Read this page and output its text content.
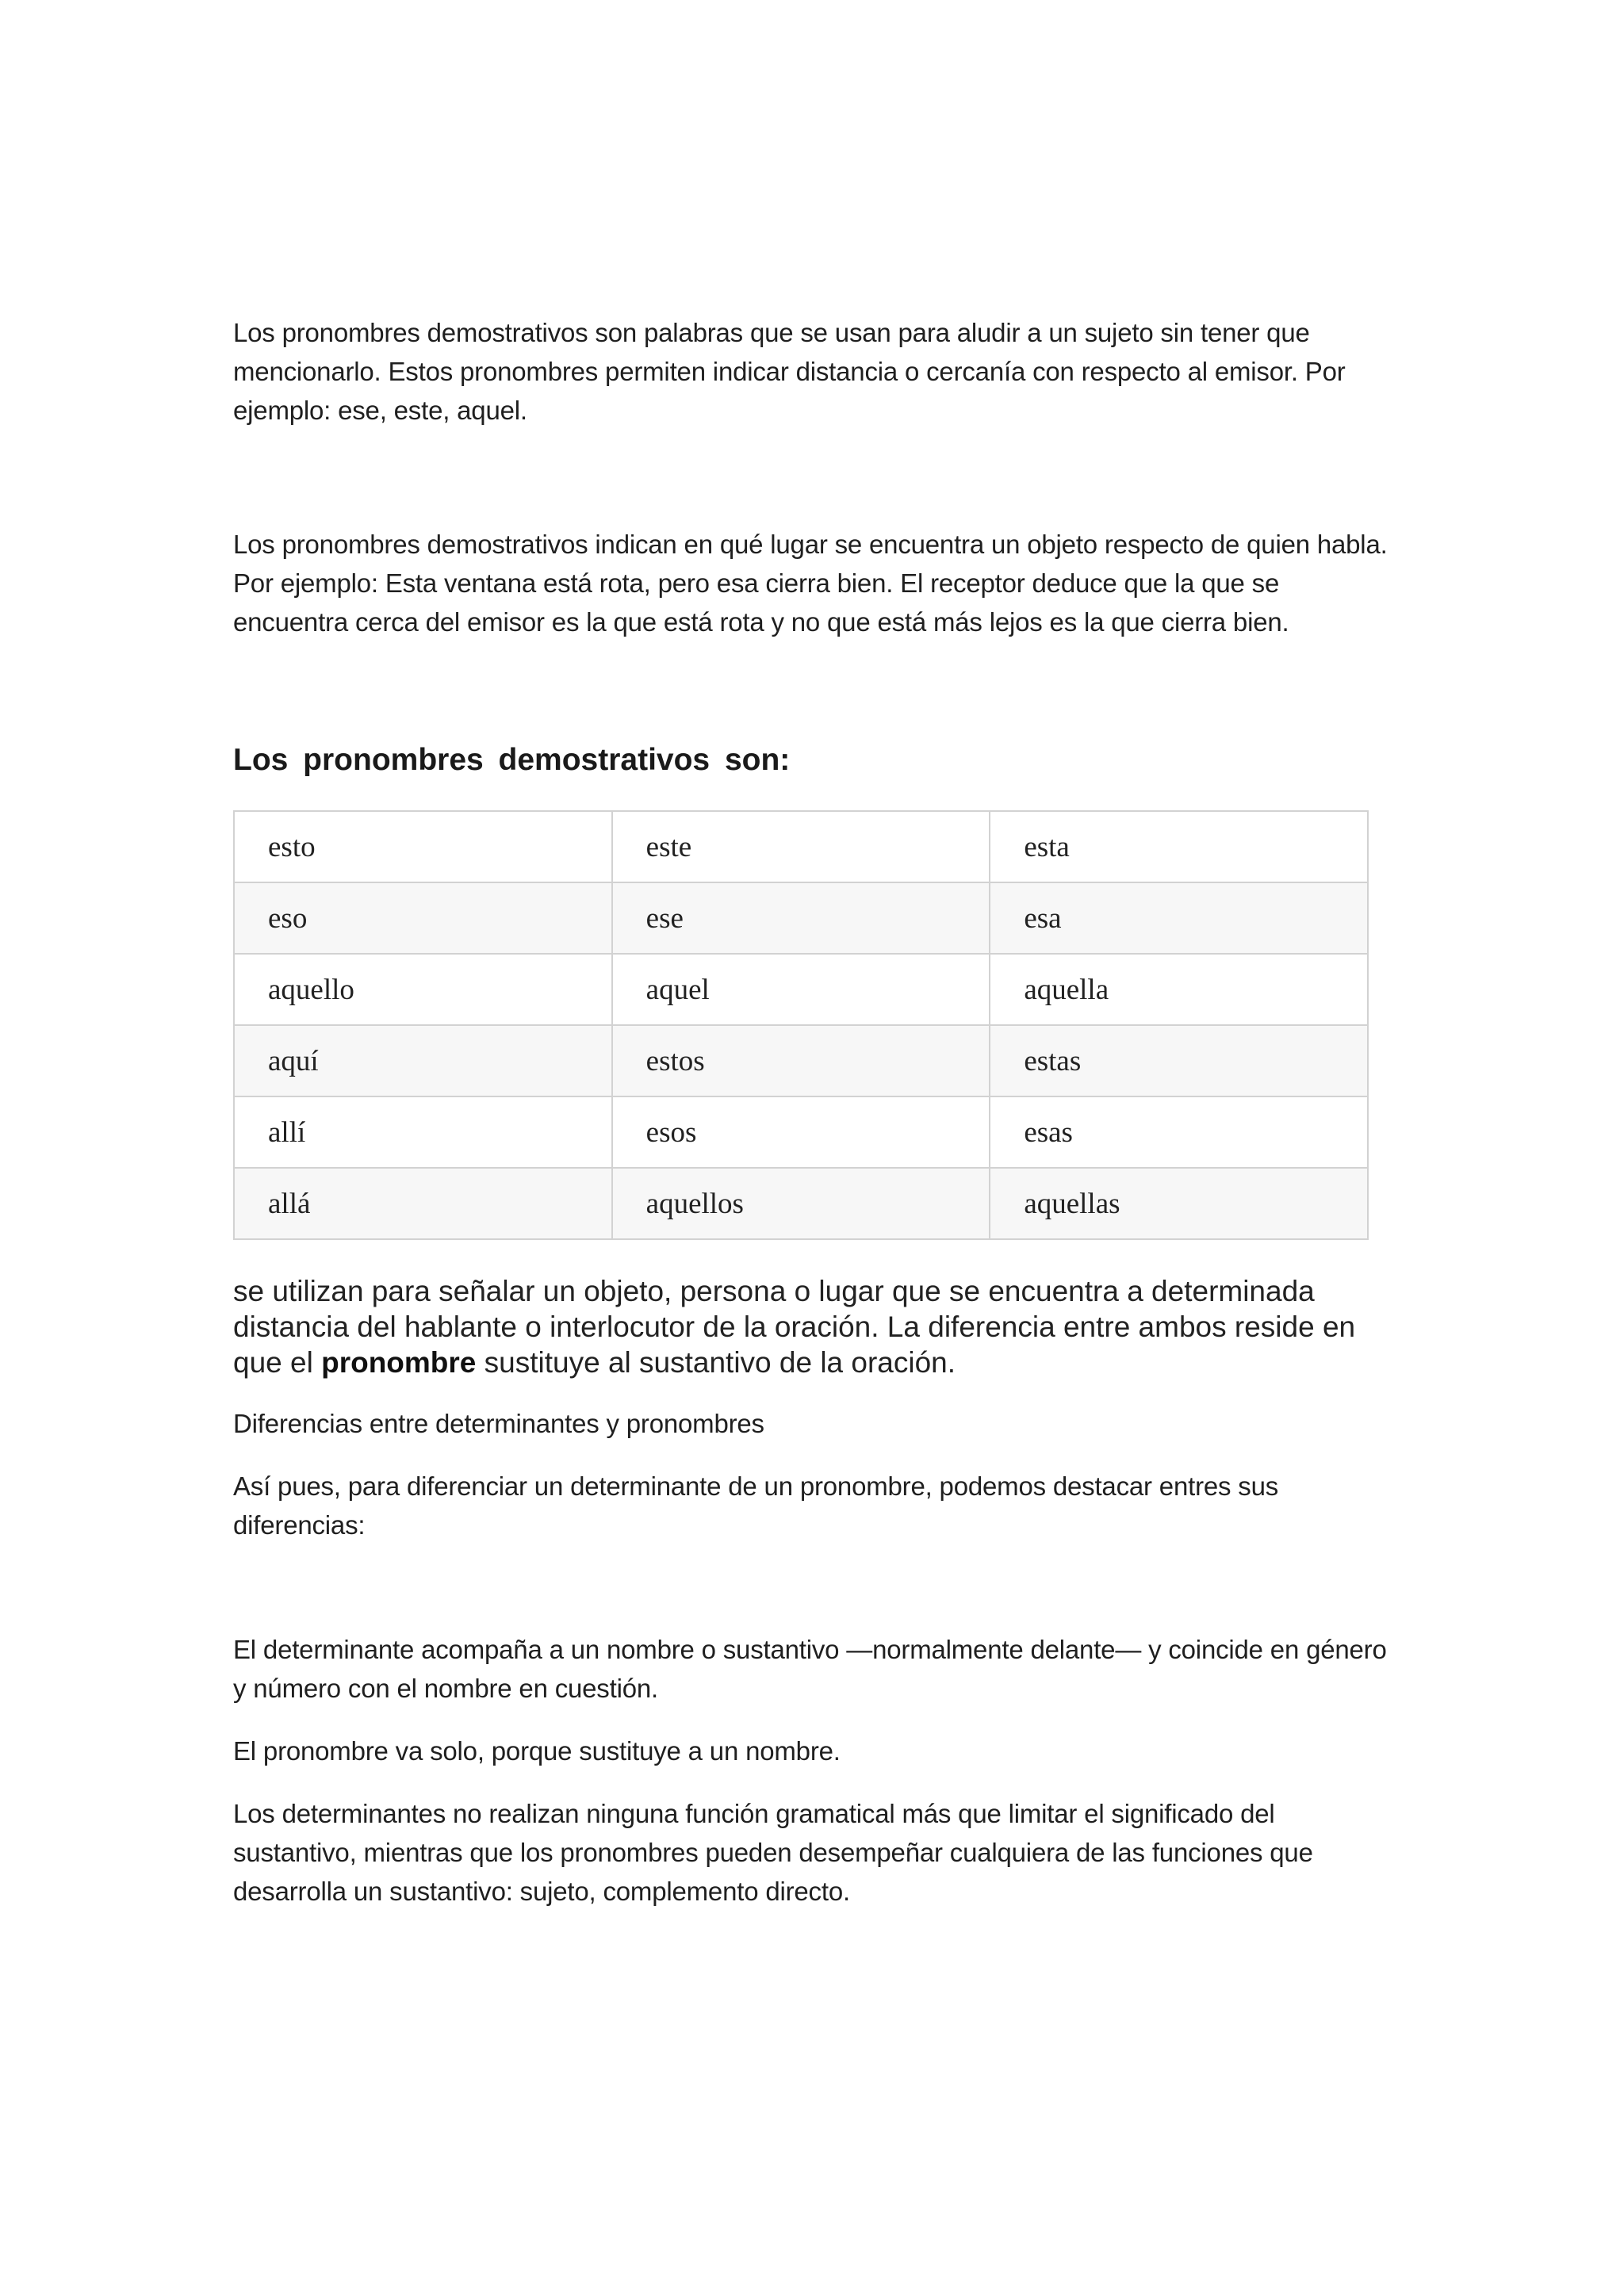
Los pronombres demostrativos son palabras que se usan para aludir a un sujeto sin tener que mencionarlo. Estos pronombres permiten indicar distancia o cercanía con respecto al emisor. Por ejemplo: ese, este, aquel.

Los pronombres demostrativos indican en qué lugar se encuentra un objeto respecto de quien habla. Por ejemplo: Esta ventana está rota, pero esa cierra bien. El receptor deduce que la que se encuentra cerca del emisor es la que está rota y no que está más lejos es la que cierra bien.

Los pronombres demostrativos son:
esto	este	esta
eso	ese	esa
aquello	aquel	aquella
aquí	estos	estas
allí	esos	esas
allá	aquellos	aquellas

se utilizan para señalar un objeto, persona o lugar que se encuentra a determinada distancia del hablante o interlocutor de la oración. La diferencia entre ambos reside en que el pronombre sustituye al sustantivo de la oración.

Diferencias entre determinantes y pronombres

Así pues, para diferenciar un determinante de un pronombre, podemos destacar entres sus diferencias:

El determinante acompaña a un nombre o sustantivo —normalmente delante— y coincide en género y número con el nombre en cuestión.

El pronombre va solo, porque sustituye a un nombre.

Los determinantes no realizan ninguna función gramatical más que limitar el significado del sustantivo, mientras que los pronombres pueden desempeñar cualquiera de las funciones que desarrolla un sustantivo: sujeto, complemento directo.
